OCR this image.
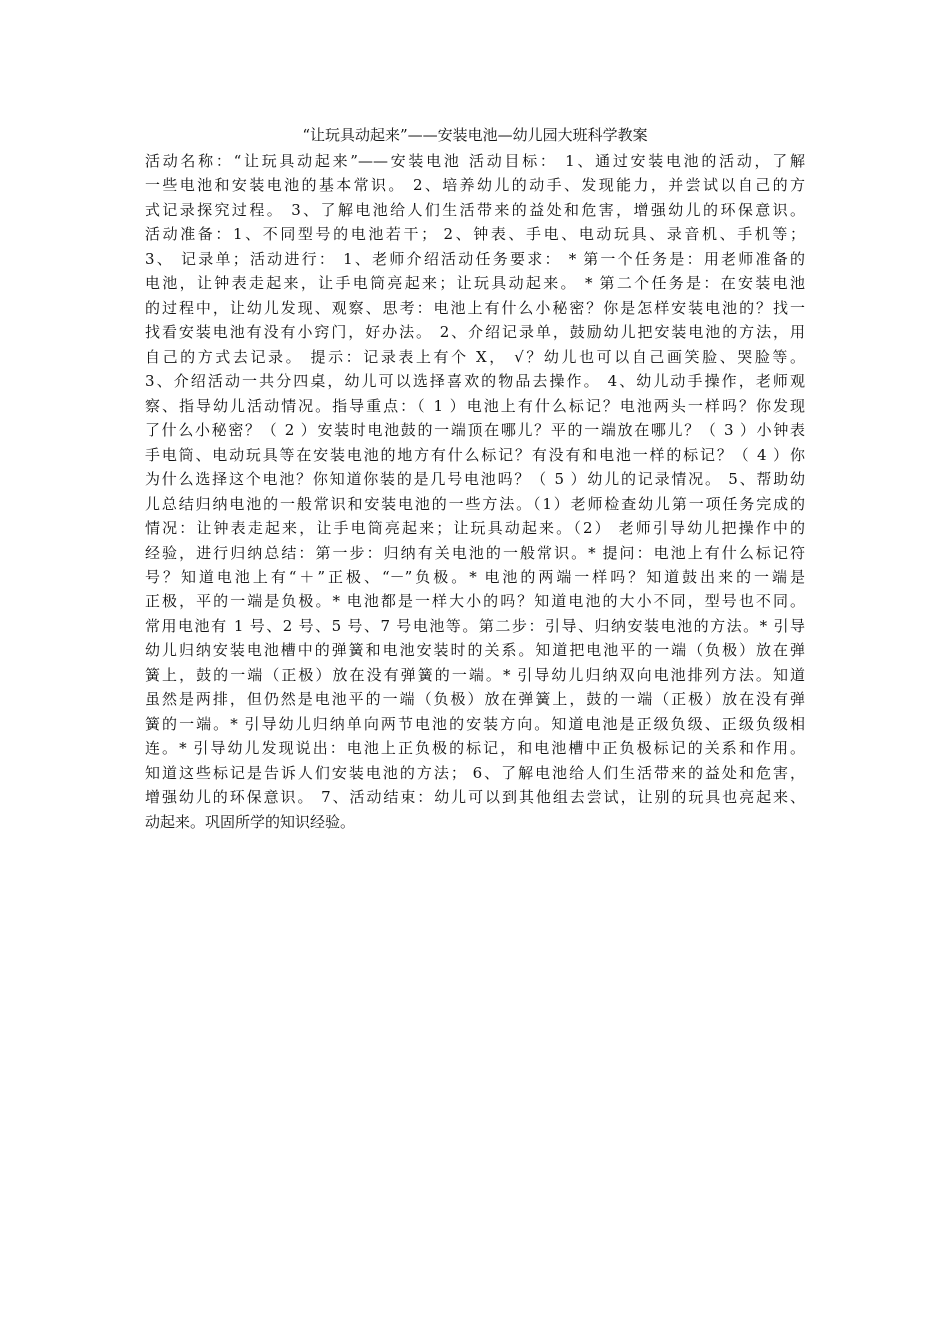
“让玩具动起来”——安装电池—幼儿园大班科学教案
活动名称：“让玩具动起来”——安装电池 活动目标： 1、通过安装电池的活动，了解
一些电池和安装电池的基本常识。 2、培养幼儿的动手、发现能力，并尝试以自己的方
式记录探究过程。 3、了解电池给人们生活带来的益处和危害，增强幼儿的环保意识。
活动准备：1、不同型号的电池若干； 2、钟表、手电、电动玩具、录音机、手机等；
3、 记录单；活动进行： 1、老师介绍活动任务要求： * 第一个任务是：用老师准备的
电池，让钟表走起来，让手电筒亮起来；让玩具动起来。 * 第二个任务是：在安装电池
的过程中，让幼儿发现、观察、思考：电池上有什么小秘密？你是怎样安装电池的？找一
找看安装电池有没有小窍门，好办法。 2、介绍记录单，鼓励幼儿把安装电池的方法，用
自己的方式去记录。 提示：记录表上有个 X， √？幼儿也可以自己画笑脸、哭脸等。
3、介绍活动一共分四桌，幼儿可以选择喜欢的物品去操作。 4、幼儿动手操作，老师观
察、指导幼儿活动情况。指导重点：（ 1 ）电池上有什么标记？电池两头一样吗？你发现
了什么小秘密？（ 2 ）安装时电池鼓的一端顶在哪儿？平的一端放在哪儿？（ 3 ）小钟表
手电筒、电动玩具等在安装电池的地方有什么标记？有没有和电池一样的标记？（ 4 ）你
为什么选择这个电池？你知道你装的是几号电池吗？（ 5 ）幼儿的记录情况。 5、帮助幼
儿总结归纳电池的一般常识和安装电池的一些方法。（1）老师检查幼儿第一项任务完成的
情况：让钟表走起来，让手电筒亮起来；让玩具动起来。（2） 老师引导幼儿把操作中的
经验，进行归纳总结：第一步：归纳有关电池的一般常识。* 提问：电池上有什么标记符
号？知道电池上有“＋”正极、“－”负极。* 电池的两端一样吗？知道鼓出来的一端是
正极，平的一端是负极。* 电池都是一样大小的吗？知道电池的大小不同，型号也不同。
常用电池有 1 号、2 号、5 号、7 号电池等。第二步：引导、归纳安装电池的方法。* 引导
幼儿归纳安装电池槽中的弹簧和电池安装时的关系。知道把电池平的一端（负极）放在弹
簧上，鼓的一端（正极）放在没有弹簧的一端。* 引导幼儿归纳双向电池排列方法。知道
虽然是两排，但仍然是电池平的一端（负极）放在弹簧上，鼓的一端（正极）放在没有弹
簧的一端。* 引导幼儿归纳单向两节电池的安装方向。知道电池是正级负级、正级负级相
连。* 引导幼儿发现说出：电池上正负极的标记，和电池槽中正负极标记的关系和作用。
知道这些标记是告诉人们安装电池的方法； 6、了解电池给人们生活带来的益处和危害，
增强幼儿的环保意识。 7、活动结束：幼儿可以到其他组去尝试，让别的玩具也亮起来、
动起来。巩固所学的知识经验。
